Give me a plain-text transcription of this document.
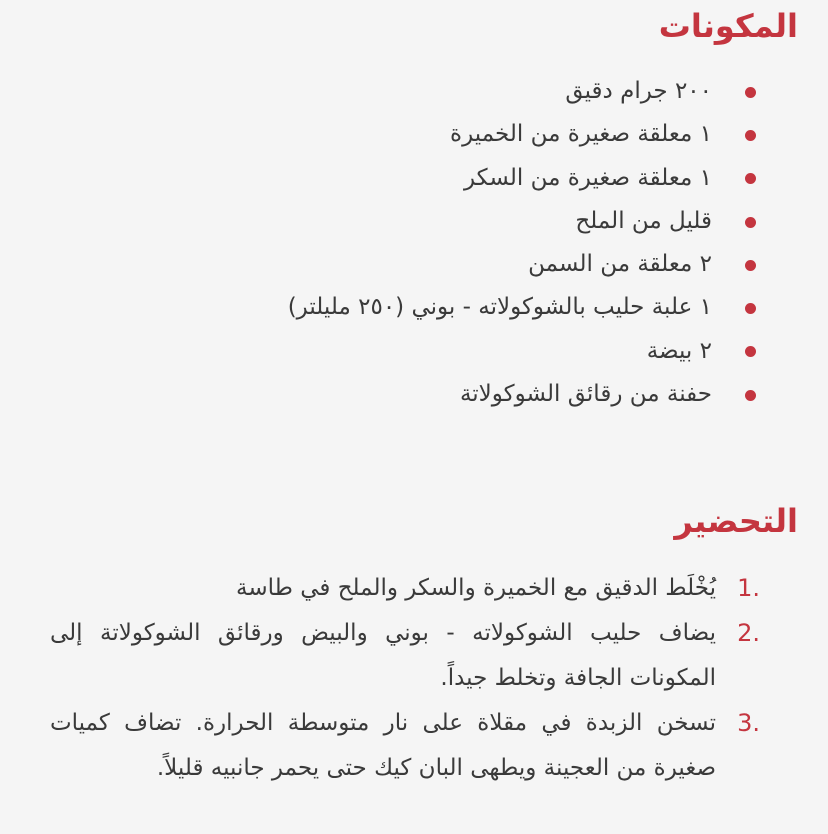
المكونات
٢٠٠ جرام دقيق
١ معلقة صغيرة من الخميرة
١ معلقة صغيرة من السكر
قليل من الملح
٢ معلقة من السمن
١ علبة حليب بالشوكولاته - بوني (٢٥٠ مليلتر)
٢ بيضة
حفنة من رقائق الشوكولاتة
التحضير
1.
يُخْلَط الدقيق مع الخميرة والسكر والملح في طاسة
2.
يضاف حليب الشوكولاته - بوني والبيض ورقائق الشوكولاتة إلى المكونات الجافة وتخلط جيداً.
3.
تسخن الزبدة في مقلاة على نار متوسطة الحرارة. تضاف كميات صغيرة من العجينة ويطهى البان كيك حتى يحمر جانبيه قليلاً.
